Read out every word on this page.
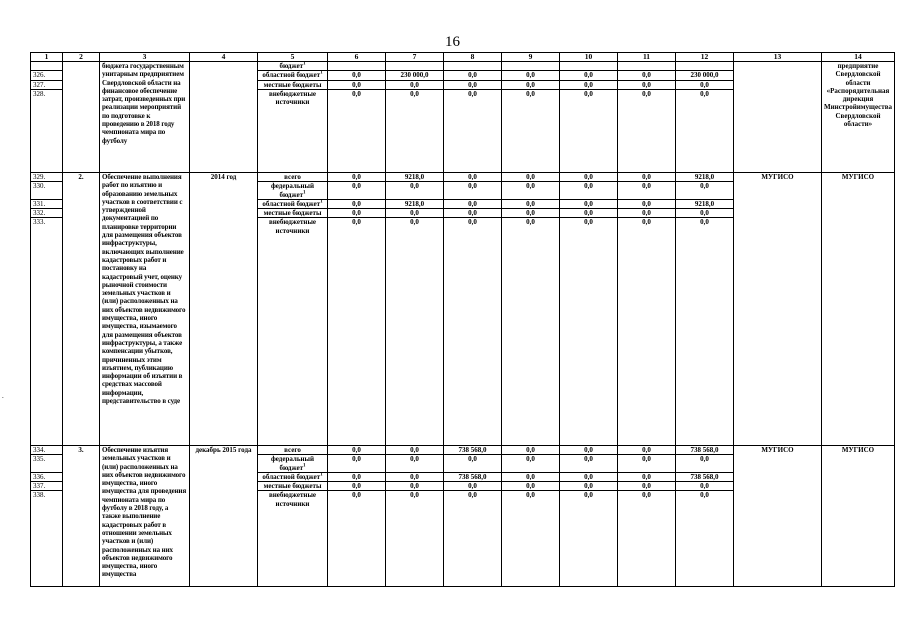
16
.
1	2	3	4	5	6	7	8	9	10	11	12	13	14
		бюджета государственным унитарным предприятием Свердловской области на финансовое обеспечение затрат, произведенных при реализации мероприятий по подготовке к проведению в 2018 году чемпионата мира по футболу		бюджет$^1$									предприятие Свердловской области «Распорядительная дирекция Минстройимущества Свердловской области»
326.				областной бюджет$^1$	0,0	230 000,0	0,0	0,0	0,0	0,0	230 000,0		
327.				местные бюджеты	0,0	0,0	0,0	0,0	0,0	0,0	0,0		
328.				внебюджетные источники	0,0	0,0	0,0	0,0	0,0	0,0	0,0		
329.	2.	Обеспечение выполнения работ по изъятию и образованию земельных участков в соответствии с утвержденной документацией по планировке территории для размещения объектов инфраструктуры, включающих выполнение кадастровых работ и постановку на кадастровый учет, оценку рыночной стоимости земельных участков и (или) расположенных на них объектов недвижимого имущества, иного имущества, изымаемого для размещения объектов инфраструктуры, а также компенсации убытков, причиненных этим изъятием, публикацию информации об изъятии в средствах массовой информации, представительство в суде	2014 год	всего	0,0	9218,0	0,0	0,0	0,0	0,0	9218,0	МУГИСО	МУГИСО
330.				федеральный бюджет$^1$	0,0	0,0	0,0	0,0	0,0	0,0	0,0		
331.				областной бюджет$^1$	0,0	9218,0	0,0	0,0	0,0	0,0	9218,0		
332.				местные бюджеты	0,0	0,0	0,0	0,0	0,0	0,0	0,0		
333.				внебюджетные источники	0,0	0,0	0,0	0,0	0,0	0,0	0,0		
334.	3.	Обеспечение изъятия земельных участков и (или) расположенных на них объектов недвижимого имущества, иного имущества для проведения чемпионата мира по футболу в 2018 году, а также выполнение кадастровых работ в отношении земельных участков и (или) расположенных на них объектов недвижимого имущества, иного имущества	декабрь 2015 года	всего	0,0	0,0	738 568,0	0,0	0,0	0,0	738 568,0	МУГИСО	МУГИСО
335.				федеральный бюджет$^1$	0,0	0,0	0,0	0,0	0,0	0,0	0,0		
336.				областной бюджет$^1$	0,0	0,0	738 568,0	0,0	0,0	0,0	738 568,0		
337.				местные бюджеты	0,0	0,0	0,0	0,0	0,0	0,0	0,0		
338.				внебюджетные источники	0,0	0,0	0,0	0,0	0,0	0,0	0,0		
